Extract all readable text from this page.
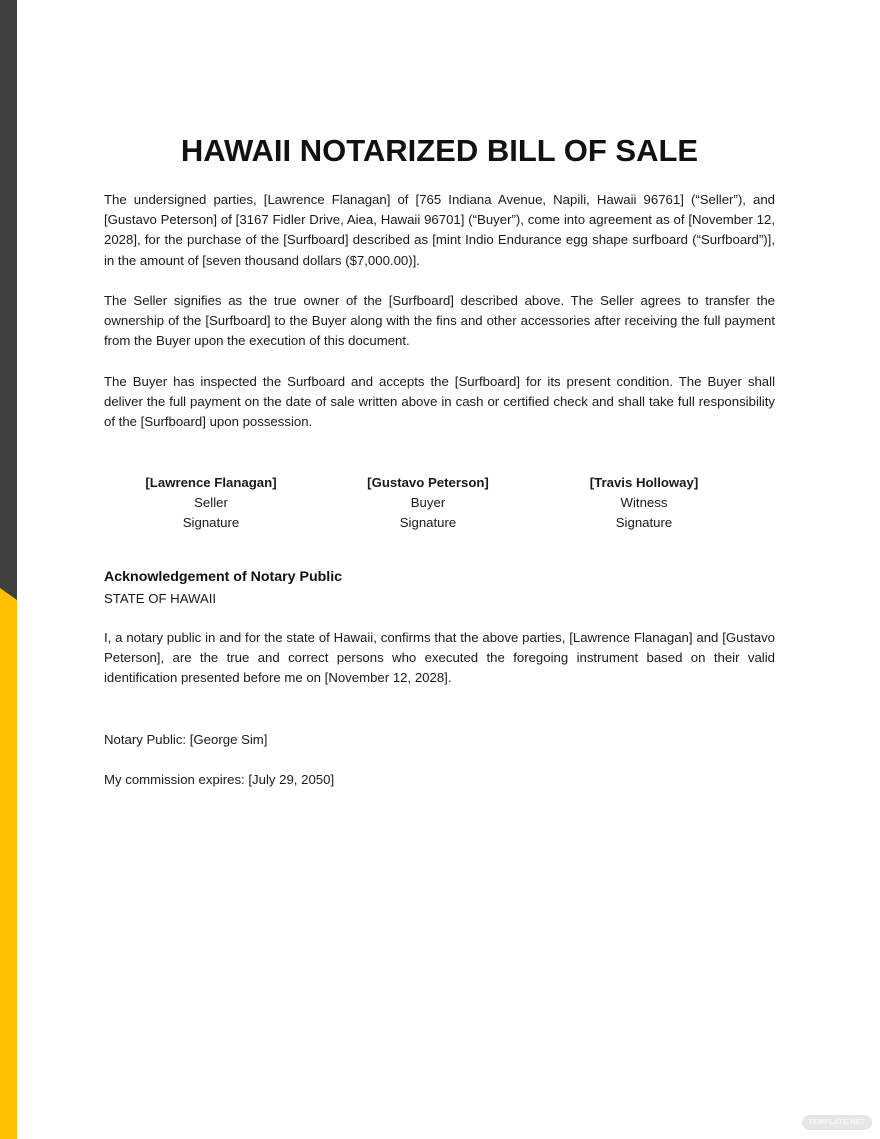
HAWAII NOTARIZED BILL OF SALE

The undersigned parties, [Lawrence Flanagan] of [765 Indiana Avenue, Napili, Hawaii 96761] (“Seller”), and [Gustavo Peterson] of [3167 Fidler Drive, Aiea, Hawaii 96701] (“Buyer”), come into agreement as of [November 12, 2028], for the purchase of the [Surfboard] described as [mint Indio Endurance egg shape surfboard (“Surfboard”)], in the amount of [seven thousand dollars ($7,000.00)].

The Seller signifies as the true owner of the [Surfboard] described above. The Seller agrees to transfer the ownership of the [Surfboard] to the Buyer along with the fins and other accessories after receiving the full payment from the Buyer upon the execution of this document.

The Buyer has inspected the Surfboard and accepts the [Surfboard] for its present condition. The Buyer shall deliver the full payment on the date of sale written above in cash or certified check and shall take full responsibility of the [Surfboard] upon possession.

[Lawrence Flanagan]
Seller
Signature
[Gustavo Peterson]
Buyer
Signature
[Travis Holloway]
Witness
Signature
Acknowledgement of Notary Public
STATE OF HAWAII

I, a notary public in and for the state of Hawaii, confirms that the above parties, [Lawrence Flanagan] and [Gustavo Peterson], are the true and correct persons who executed the foregoing instrument based on their valid identification presented before me on [November 12, 2028].

Notary Public: [George Sim]
My commission expires: [July 29, 2050]
TEMPLATE.NET
